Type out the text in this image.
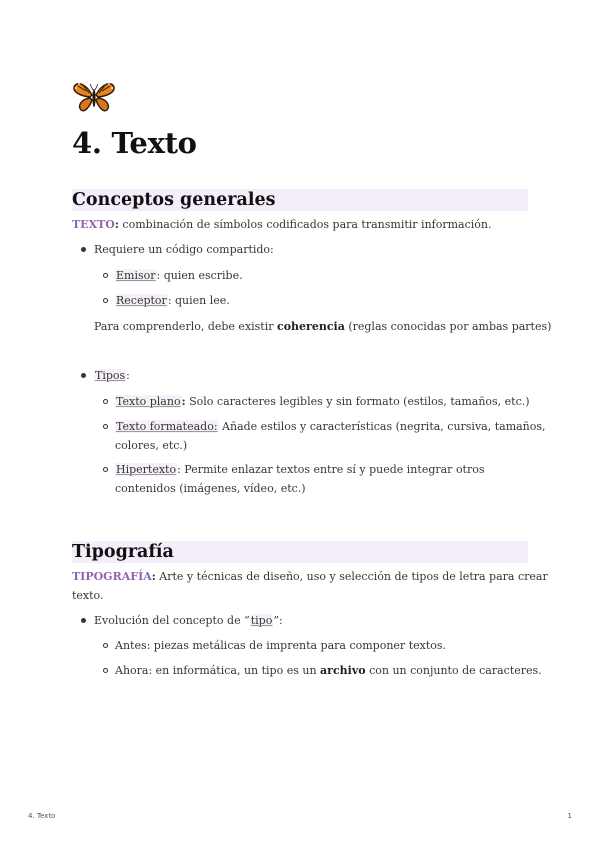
4. Texto
Conceptos generales
TEXTO: combinación de símbolos codificados para transmitir información.
Requiere un código compartido:
Emisor: quien escribe.
Receptor: quien lee.
Para comprenderlo, debe existir coherencia (reglas conocidas por ambas partes)
Tipos:
Texto plano: Solo caracteres legibles y sin formato (estilos, tamaños, etc.)
Texto formateado: Añade estilos y características (negrita, cursiva, tamaños,
colores, etc.)
Hipertexto: Permite enlazar textos entre sí y puede integrar otros
contenidos (imágenes, vídeo, etc.)
Tipografía
TIPOGRAFÍA: Arte y técnicas de diseño, uso y selección de tipos de letra para crear
texto.
Evolución del concepto de “tipo”:
Antes: piezas metálicas de imprenta para componer textos.
Ahora: en informática, un tipo es un archivo con un conjunto de caracteres.
4. Texto	1
